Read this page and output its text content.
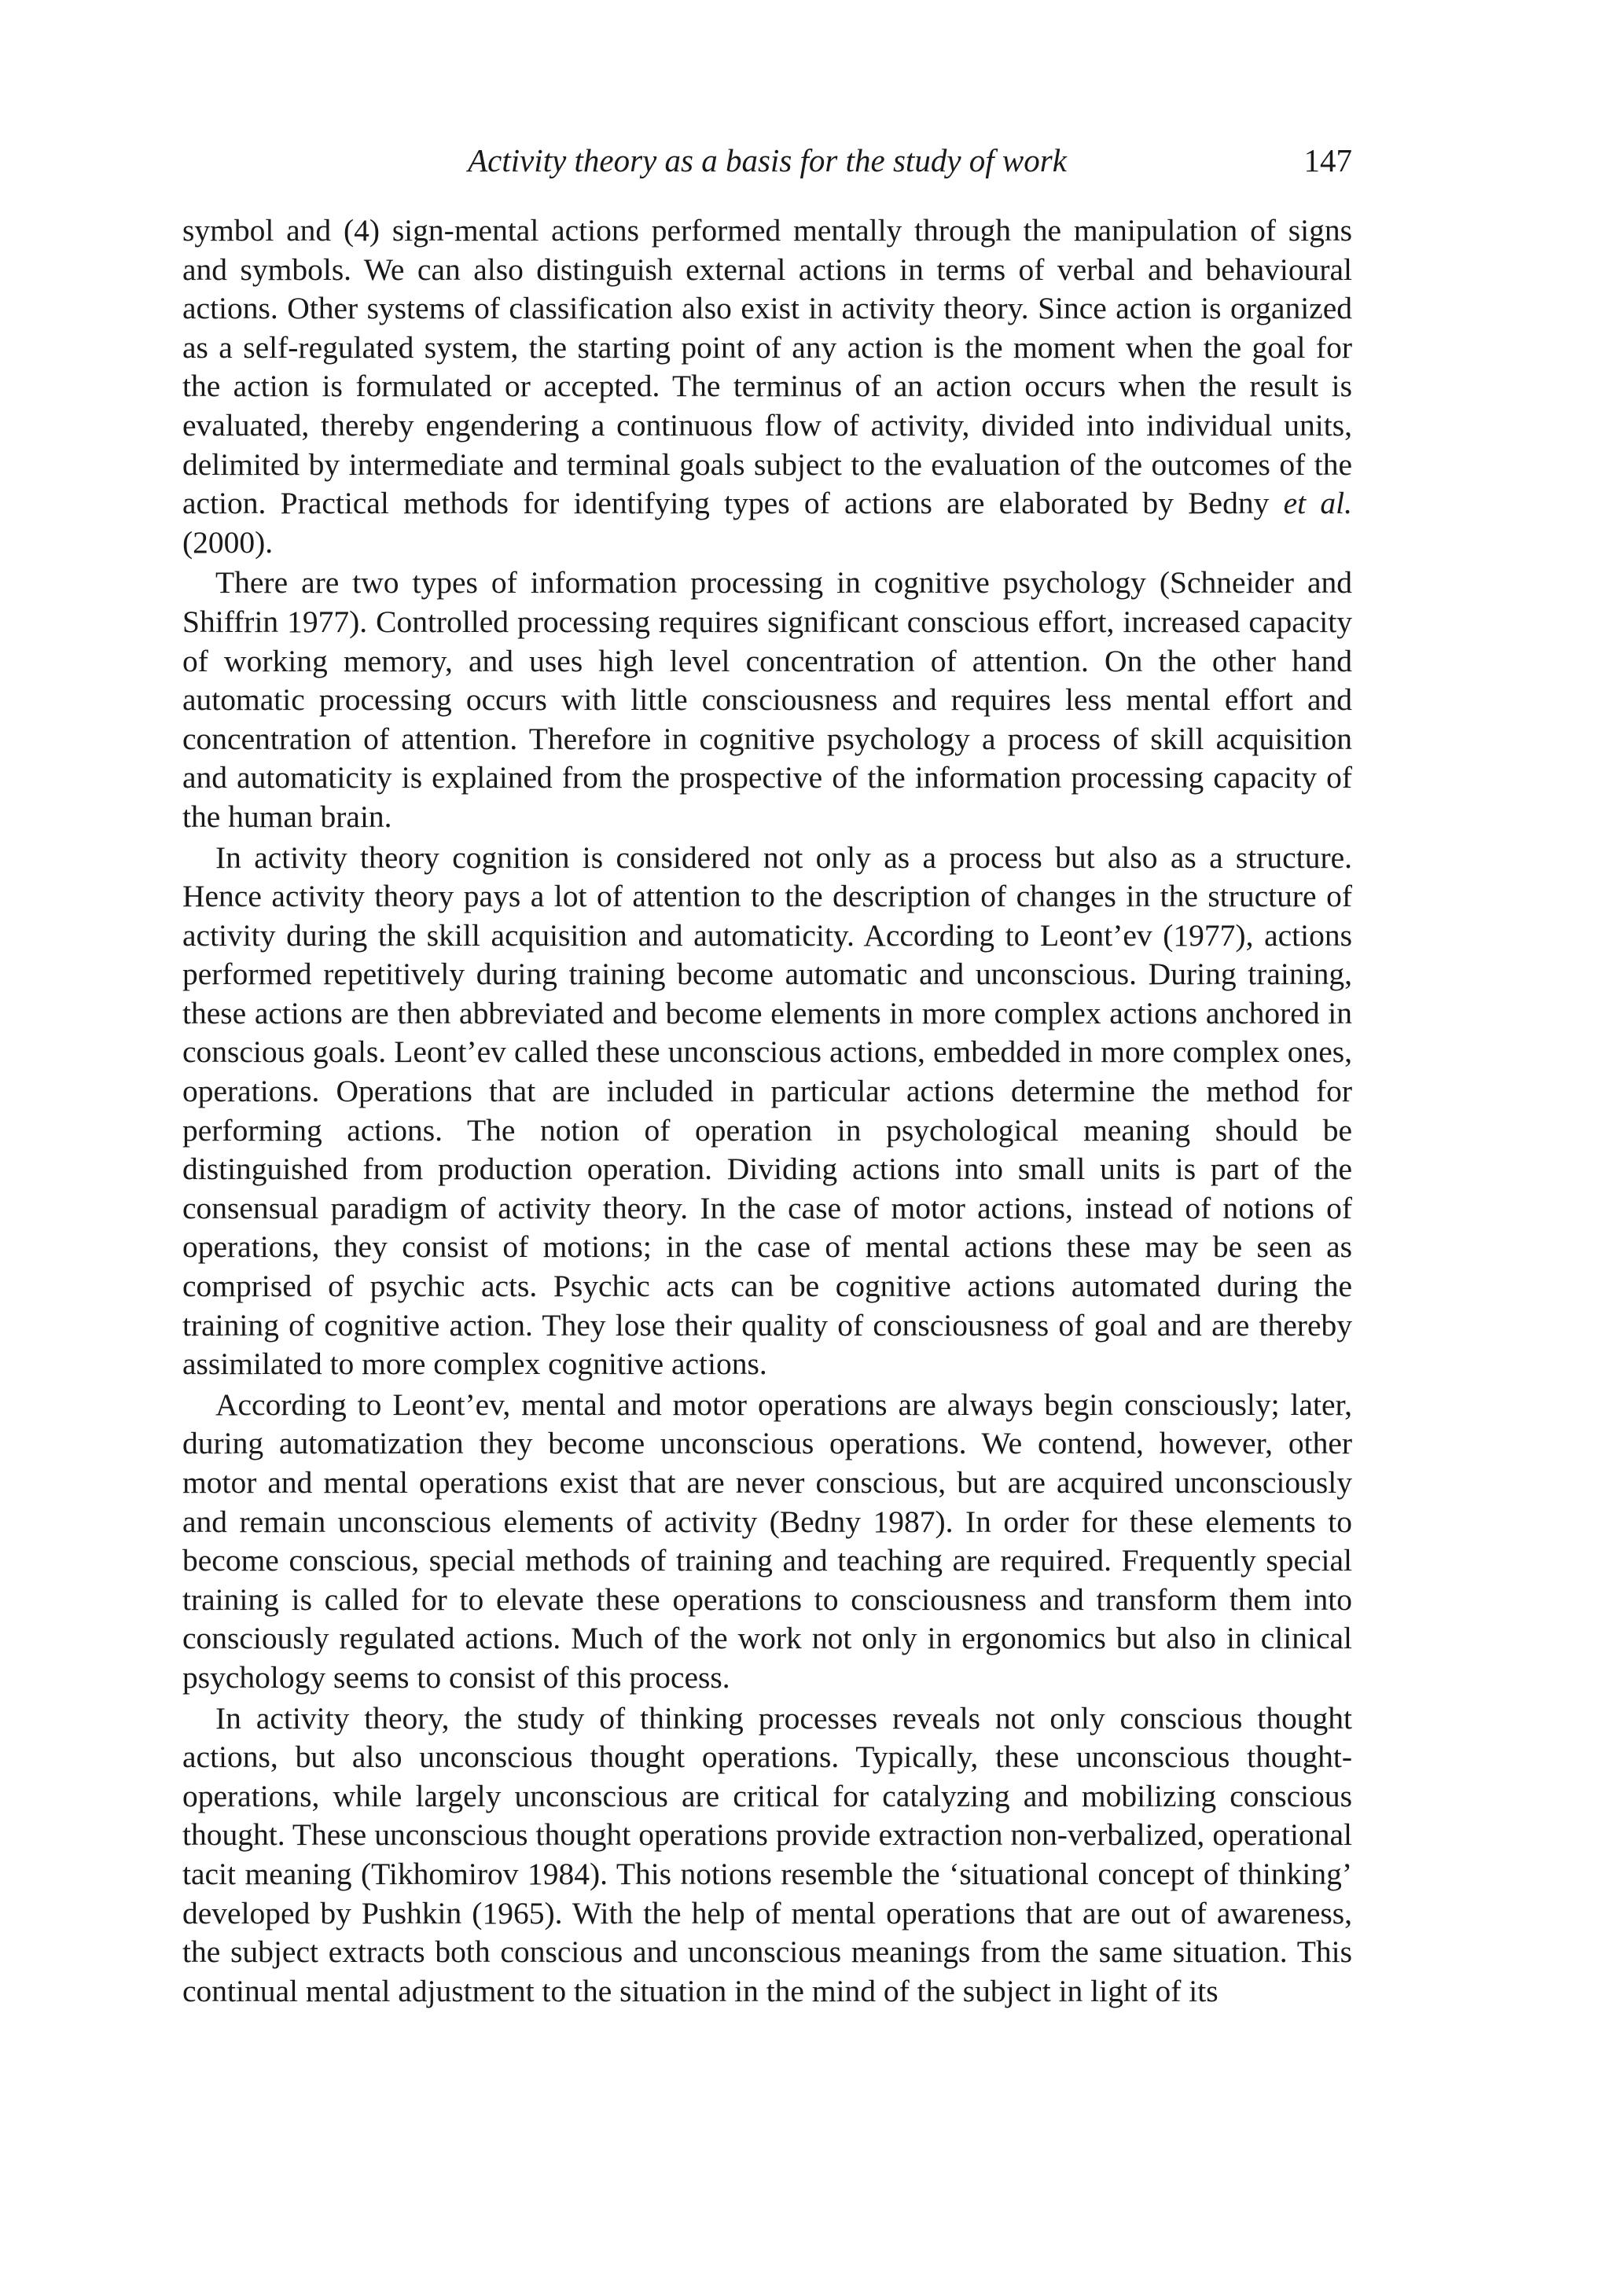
Activity theory as a basis for the study of work	147

symbol and (4) sign-mental actions performed mentally through the manipulation of signs and symbols. We can also distinguish external actions in terms of verbal and behavioural actions. Other systems of classification also exist in activity theory. Since action is organized as a self-regulated system, the starting point of any action is the moment when the goal for the action is formulated or accepted. The terminus of an action occurs when the result is evaluated, thereby engendering a continuous flow of activity, divided into individual units, delimited by intermediate and terminal goals subject to the evaluation of the outcomes of the action. Practical methods for identifying types of actions are elaborated by Bedny et al. (2000).

There are two types of information processing in cognitive psychology (Schneider and Shiffrin 1977). Controlled processing requires significant conscious effort, increased capacity of working memory, and uses high level concentration of attention. On the other hand automatic processing occurs with little consciousness and requires less mental effort and concentration of attention. Therefore in cognitive psychology a process of skill acquisition and automaticity is explained from the prospective of the information processing capacity of the human brain.

In activity theory cognition is considered not only as a process but also as a structure. Hence activity theory pays a lot of attention to the description of changes in the structure of activity during the skill acquisition and automaticity. According to Leont’ev (1977), actions performed repetitively during training become automatic and unconscious. During training, these actions are then abbreviated and become elements in more complex actions anchored in conscious goals. Leont’ev called these unconscious actions, embedded in more complex ones, operations. Operations that are included in particular actions determine the method for performing actions. The notion of operation in psychological meaning should be distinguished from production operation. Dividing actions into small units is part of the consensual paradigm of activity theory. In the case of motor actions, instead of notions of operations, they consist of motions; in the case of mental actions these may be seen as comprised of psychic acts. Psychic acts can be cognitive actions automated during the training of cognitive action. They lose their quality of consciousness of goal and are thereby assimilated to more complex cognitive actions.

According to Leont’ev, mental and motor operations are always begin consciously; later, during automatization they become unconscious operations. We contend, however, other motor and mental operations exist that are never conscious, but are acquired unconsciously and remain unconscious elements of activity (Bedny 1987). In order for these elements to become conscious, special methods of training and teaching are required. Frequently special training is called for to elevate these operations to consciousness and transform them into consciously regulated actions. Much of the work not only in ergonomics but also in clinical psychology seems to consist of this process.

In activity theory, the study of thinking processes reveals not only conscious thought actions, but also unconscious thought operations. Typically, these unconscious thought-operations, while largely unconscious are critical for catalyzing and mobilizing conscious thought. These unconscious thought operations provide extraction non-verbalized, operational tacit meaning (Tikhomirov 1984). This notions resemble the ‘situational concept of thinking’ developed by Pushkin (1965). With the help of mental operations that are out of awareness, the subject extracts both conscious and unconscious meanings from the same situation. This continual mental adjustment to the situation in the mind of the subject in light of its
